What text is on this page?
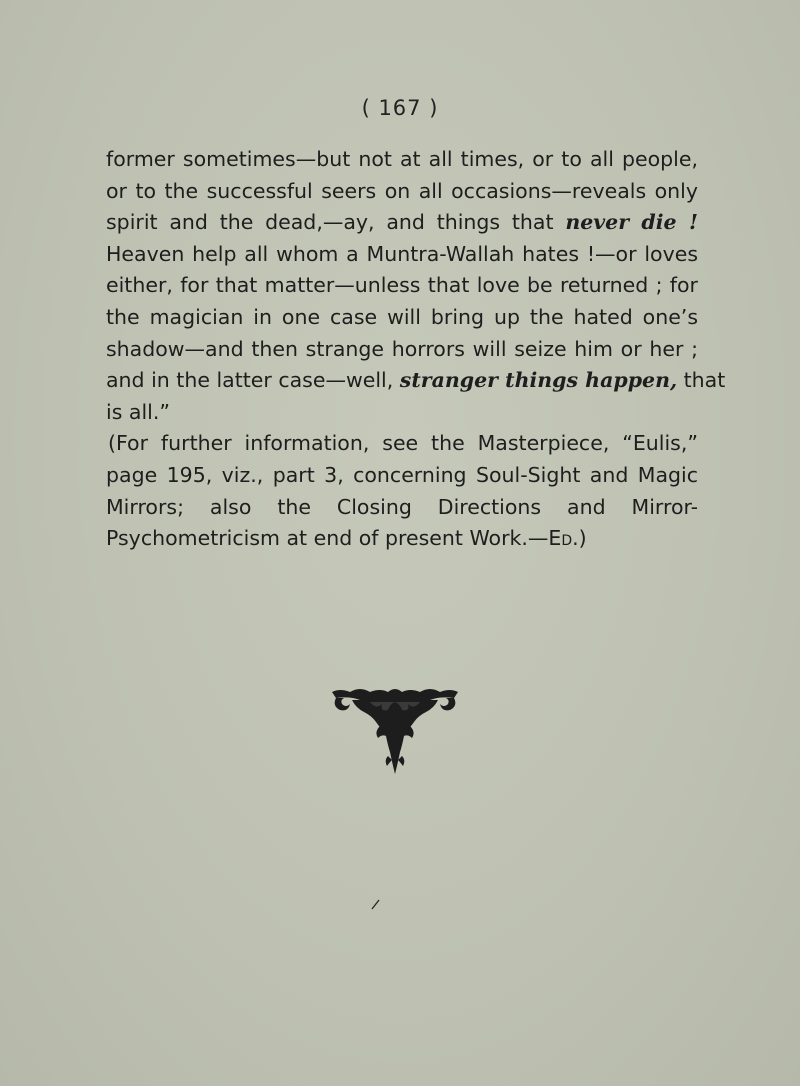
( 167 )
former sometimes—but not at all times, or to all people,
or to the successful seers on all occasions—reveals only
spirit and the dead,—ay, and things that never die !
Heaven help all whom a Muntra-Wallah hates !—or loves
either, for that matter—unless that love be returned ; for
the magician in one case will bring up the hated one’s
shadow—and then strange horrors will seize him or her ;
and in the latter case—well, stranger things happen, that
is all.”
(For further information, see the Masterpiece, “Eulis,”
page 195, viz., part 3, concerning Soul-Sight and Magic
Mirrors; also the Closing Directions and Mirror-
Psychometricism at end of present Work.—Ed.)
